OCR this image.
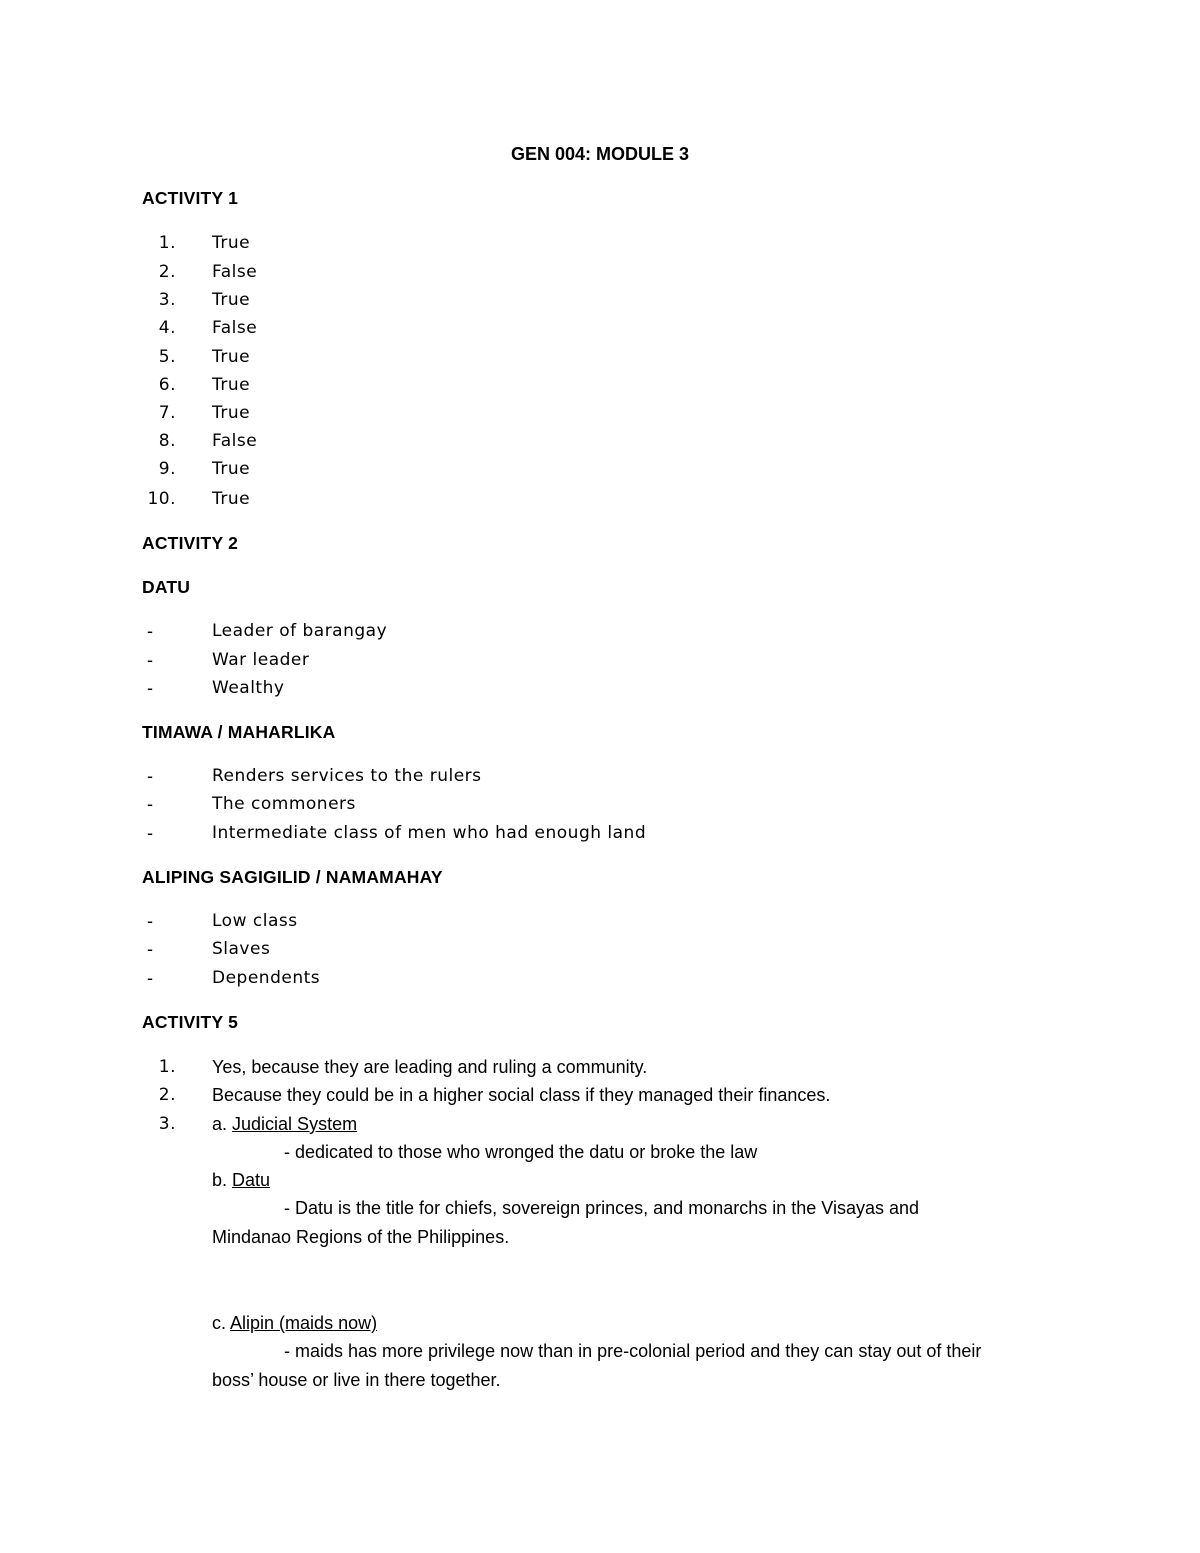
GEN 004: MODULE 3
ACTIVITY 1
1. True
2. False
3. True
4. False
5. True
6. True
7. True
8. False
9. True
10. True
ACTIVITY 2
DATU
-	Leader of barangay
-	War leader
-	Wealthy
TIMAWA / MAHARLIKA
-	Renders services to the rulers
-	The commoners
-	Intermediate class of men who had enough land
ALIPING SAGIGILID / NAMAMAHAY
-	Low class
-	Slaves
-	Dependents
ACTIVITY 5
1. Yes, because they are leading and ruling a community.
2. Because they could be in a higher social class if they managed their finances.
3. a. Judicial System
- dedicated to those who wronged the datu or broke the law
b. Datu
- Datu is the title for chiefs, sovereign princes, and monarchs in the Visayas and
Mindanao Regions of the Philippines.
c. Alipin (maids now)
- maids has more privilege now than in pre-colonial period and they can stay out of their
boss’ house or live in there together.
